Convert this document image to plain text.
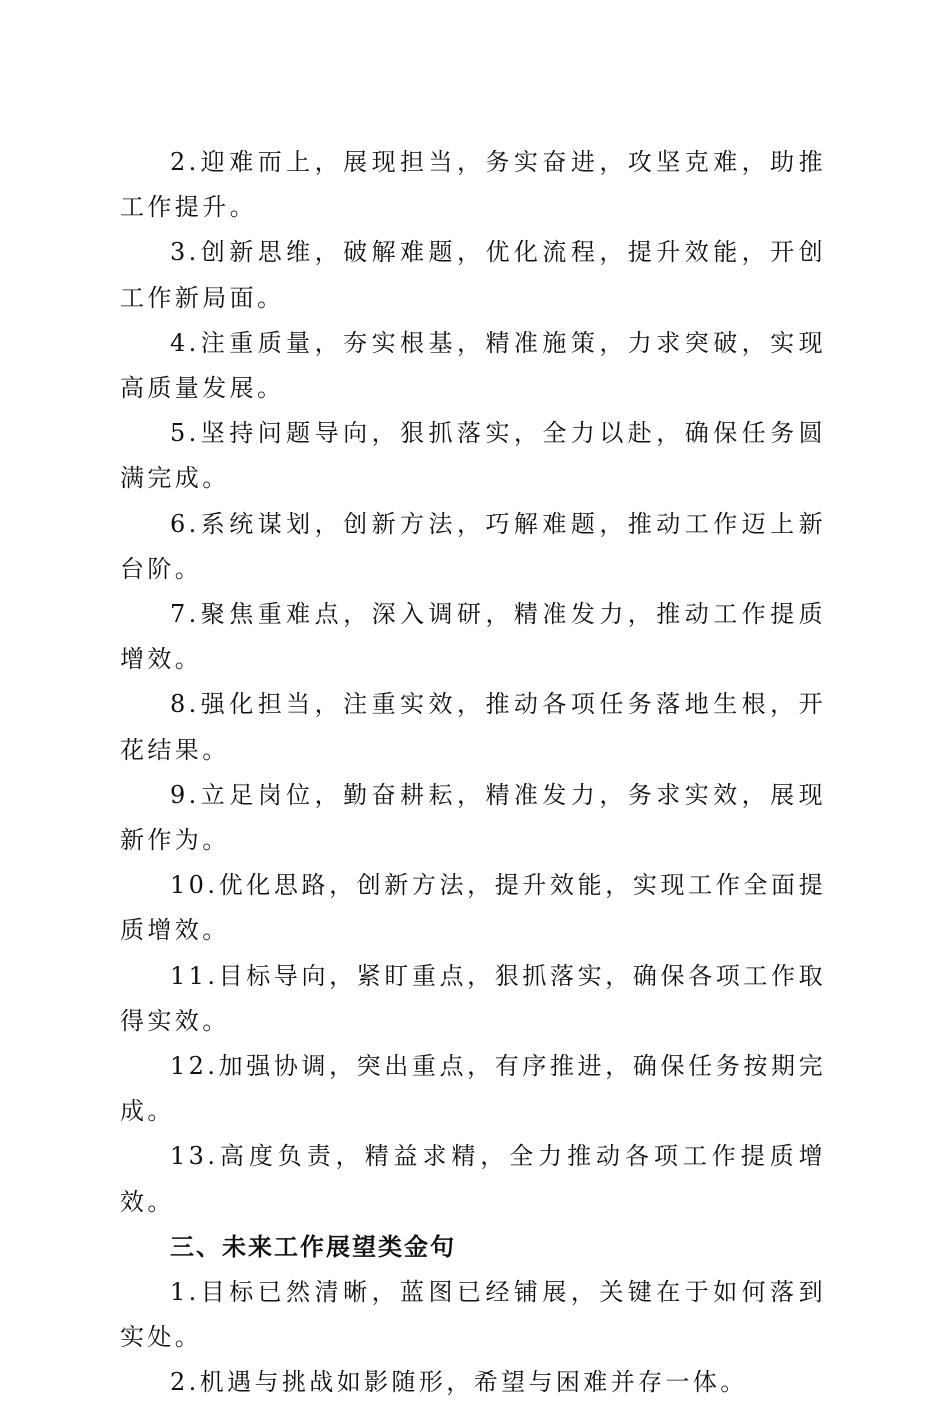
2.迎难而上，展现担当，务实奋进，攻坚克难，助推工作提升。

3.创新思维，破解难题，优化流程，提升效能，开创工作新局面。

4.注重质量，夯实根基，精准施策，力求突破，实现高质量发展。

5.坚持问题导向，狠抓落实，全力以赴，确保任务圆满完成。

6.系统谋划，创新方法，巧解难题，推动工作迈上新台阶。

7.聚焦重难点，深入调研，精准发力，推动工作提质增效。

8.强化担当，注重实效，推动各项任务落地生根，开花结果。

9.立足岗位，勤奋耕耘，精准发力，务求实效，展现新作为。

10.优化思路，创新方法，提升效能，实现工作全面提质增效。

11.目标导向，紧盯重点，狠抓落实，确保各项工作取得实效。

12.加强协调，突出重点，有序推进，确保任务按期完成。

13.高度负责，精益求精，全力推动各项工作提质增效。

三、未来工作展望类金句

1.目标已然清晰，蓝图已经铺展，关键在于如何落到实处。

2.机遇与挑战如影随形，希望与困难并存一体。
